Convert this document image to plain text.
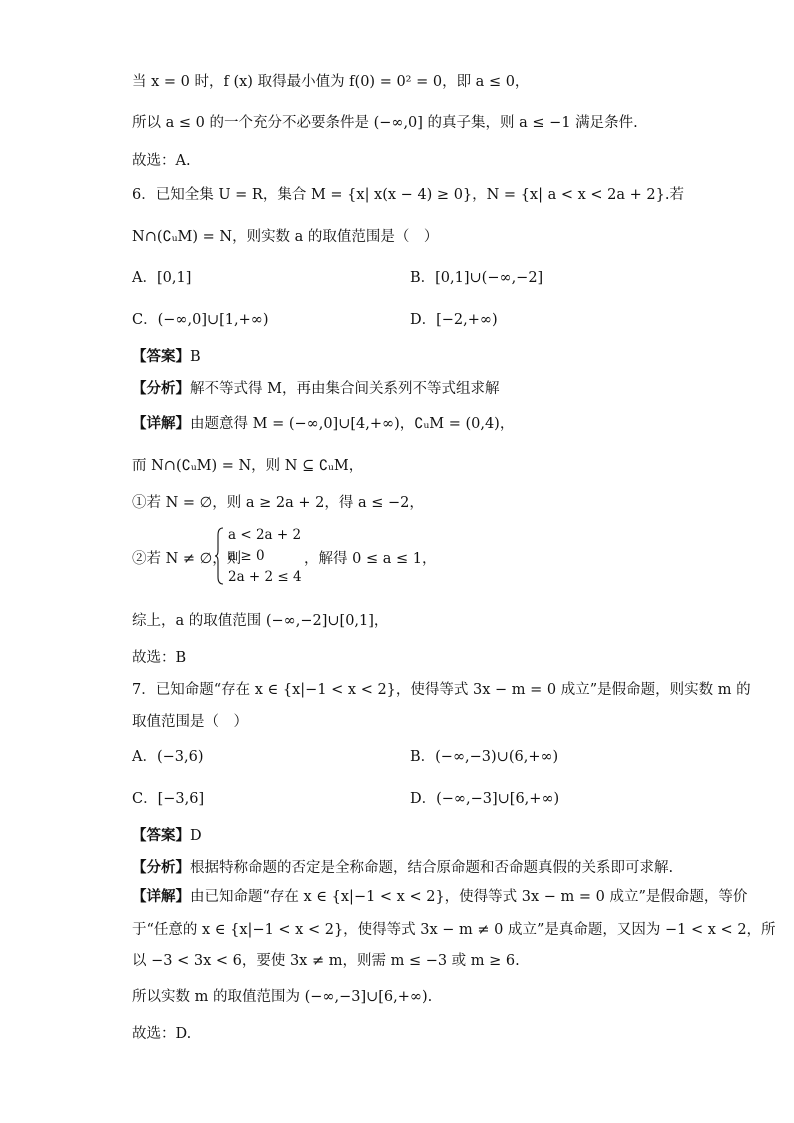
当 x = 0 时，f (x) 取得最小值为 f(0) = 0² = 0，即 a ≤ 0，
所以 a ≤ 0 的一个充分不必要条件是 (−∞,0] 的真子集，则 a ≤ −1 满足条件.
故选：A.
6．已知全集 U = R，集合 M = {x| x(x − 4) ≥ 0}，N = {x| a < x < 2a + 2}.若
N∩(∁ᵤM) = N，则实数 a 的取值范围是（　）
A．[0,1]	B．[0,1]∪(−∞,−2]
C．(−∞,0]∪[1,+∞)	D．[−2,+∞)
【答案】B
【分析】解不等式得 M，再由集合间关系列不等式组求解
【详解】由题意得 M = (−∞,0]∪[4,+∞)，∁ᵤM = (0,4)，
而 N∩(∁ᵤM) = N，则 N ⊆ ∁ᵤM，
①若 N = ∅，则 a ≥ 2a + 2，得 a ≤ −2，
②若 N ≠ ∅，则
a < 2a + 2
a ≥ 0
2a + 2 ≤ 4
，解得 0 ≤ a ≤ 1，
综上，a 的取值范围 (−∞,−2]∪[0,1]，
故选：B
7．已知命题“存在 x ∈ {x|−1 < x < 2}，使得等式 3x − m = 0 成立”是假命题，则实数 m 的
取值范围是（　）
A．(−3,6)	B．(−∞,−3)∪(6,+∞)
C．[−3,6]	D．(−∞,−3]∪[6,+∞)
【答案】D
【分析】根据特称命题的否定是全称命题，结合原命题和否命题真假的关系即可求解.
【详解】由已知命题“存在 x ∈ {x|−1 < x < 2}，使得等式 3x − m = 0 成立”是假命题，等价
于“任意的 x ∈ {x|−1 < x < 2}，使得等式 3x − m ≠ 0 成立”是真命题，又因为 −1 < x < 2，所
以 −3 < 3x < 6，要使 3x ≠ m，则需 m ≤ −3 或 m ≥ 6.
所以实数 m 的取值范围为 (−∞,−3]∪[6,+∞).
故选：D.
